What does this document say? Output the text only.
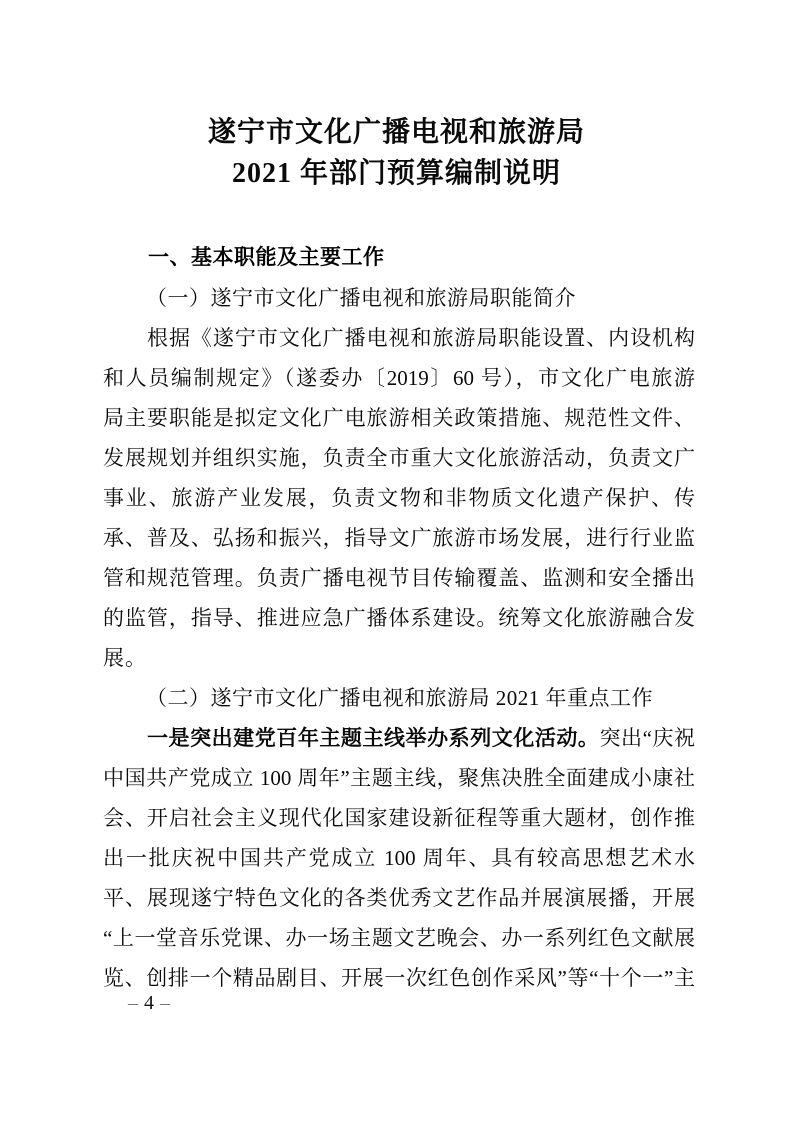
遂宁市文化广播电视和旅游局
2021 年部门预算编制说明
一、基本职能及主要工作
（一）遂宁市文化广播电视和旅游局职能简介
根据《遂宁市文化广播电视和旅游局职能设置、内设机构
和人员编制规定》（遂委办〔2019〕60 号），市文化广电旅游
局主要职能是拟定文化广电旅游相关政策措施、规范性文件、
发展规划并组织实施，负责全市重大文化旅游活动，负责文广
事业、旅游产业发展，负责文物和非物质文化遗产保护、传
承、普及、弘扬和振兴，指导文广旅游市场发展，进行行业监
管和规范管理。负责广播电视节目传输覆盖、监测和安全播出
的监管，指导、推进应急广播体系建设。统筹文化旅游融合发
展。
（二）遂宁市文化广播电视和旅游局 2021 年重点工作
一是突出建党百年主题主线举办系列文化活动。突出“庆祝
中国共产党成立 100 周年”主题主线，聚焦决胜全面建成小康社
会、开启社会主义现代化国家建设新征程等重大题材，创作推
出一批庆祝中国共产党成立 100 周年、具有较高思想艺术水
平、展现遂宁特色文化的各类优秀文艺作品并展演展播，开展
“上一堂音乐党课、办一场主题文艺晚会、办一系列红色文献展
览、创排一个精品剧目、开展一次红色创作采风”等“十个一”主
– 4 –
